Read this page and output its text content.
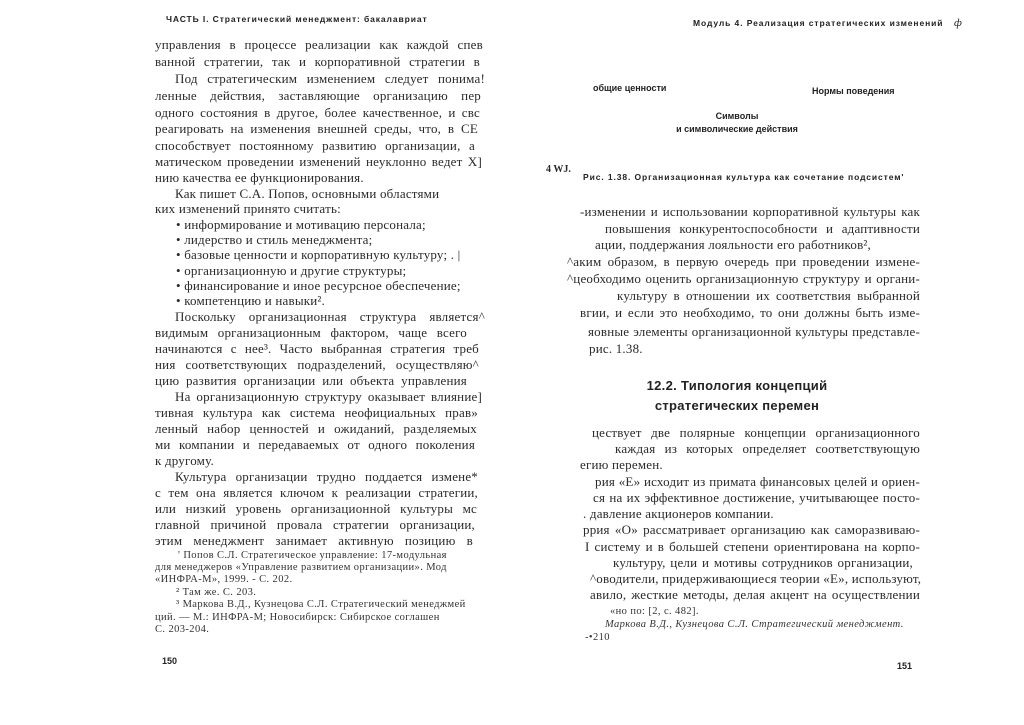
ЧАСТЬ I. Стратегический менеджмент: бакалавриат
управления в процессе реализации как каждой спев
ванной стратегии, так и корпоративной стратегии в
Под стратегическим изменением следует понима!
ленные действия, заставляющие организацию пер
одного состояния в другое, более качественное, и свс
реагировать на изменения внешней среды, что, в CE
способствует постоянному развитию организации, а
матическом проведении изменений неуклонно ведет X]
нию качества ее функционирования.
Как пишет С.А. Попов, основными областями
ких изменений принято считать:
• информирование и мотивацию персонала;
• лидерство и стиль менеджмента;
• базовые ценности и корпоративную культуру; . |
• организационную и другие структуры;
• финансирование и иное ресурсное обеспечение;
• компетенцию и навыки².
Поскольку организационная структура является^
видимым организационным фактором, чаще всего
начинаются с нее³. Часто выбранная стратегия треб
ния соответствующих подразделений, осуществляю^
цию развития организации или объекта управления
На организационную структуру оказывает влияние]
тивная культура как система неофициальных прав»
ленный набор ценностей и ожиданий, разделяемых
ми компании и передаваемых от одного поколения
к другому.
Культура организации трудно поддается измене*
с тем она является ключом к реализации стратегии,
или низкий уровень организационной культуры мс
главной причиной провала стратегии организации,
этим менеджмент занимает активную позицию в
' Попов С.Л. Стратегическое управление: 17-модульная
для менеджеров «Управление развитием организации». Мод
«ИНФРА-М», 1999. - С. 202.
² Там же. С. 203.
³ Маркова В.Д., Кузнецова С.Л. Стратегический менеджмей
ций. — М.: ИНФРА-М; Новосибирск: Сибирское соглашен
С. 203-204.
150
Модуль 4. Реализация стратегических изменений ф
общие ценности	Нормы поведения
Символы
и символические действия
4 WJ.
Рис. 1.38. Организационная культура как сочетание подсистем'
-изменении и использовании корпоративной культуры как
повышения конкурентоспособности и адаптивности
ации, поддержания лояльности его работников²,
^аким образом, в первую очередь при проведении измене-
^цеобходимо оценить организационную структуру и органи-
культуру в отношении их соответствия выбранной
вгии, и если это необходимо, то они должны быть изме-
яовные элементы организационной культуры представле-
рис. 1.38.
12.2. Типология концепций
стратегических перемен
цествует две полярные концепции организационного
каждая из которых определяет соответствующую
егию перемен.
рия «Е» исходит из примата финансовых целей и ориен-
ся на их эффективное достижение, учитывающее посто-
. давление акционеров компании.
ррия «О» рассматривает организацию как саморазвиваю-
I систему и в большей степени ориентирована на корпо-
культуру, цели и мотивы сотрудников организации,
^оводители, придерживающиеся теории «Е», используют,
авило, жесткие методы, делая акцент на осуществлении
«но по: [2, с. 482].
Маркова В.Д., Кузнецова С.Л. Стратегический менеджмент.
-•210
151
